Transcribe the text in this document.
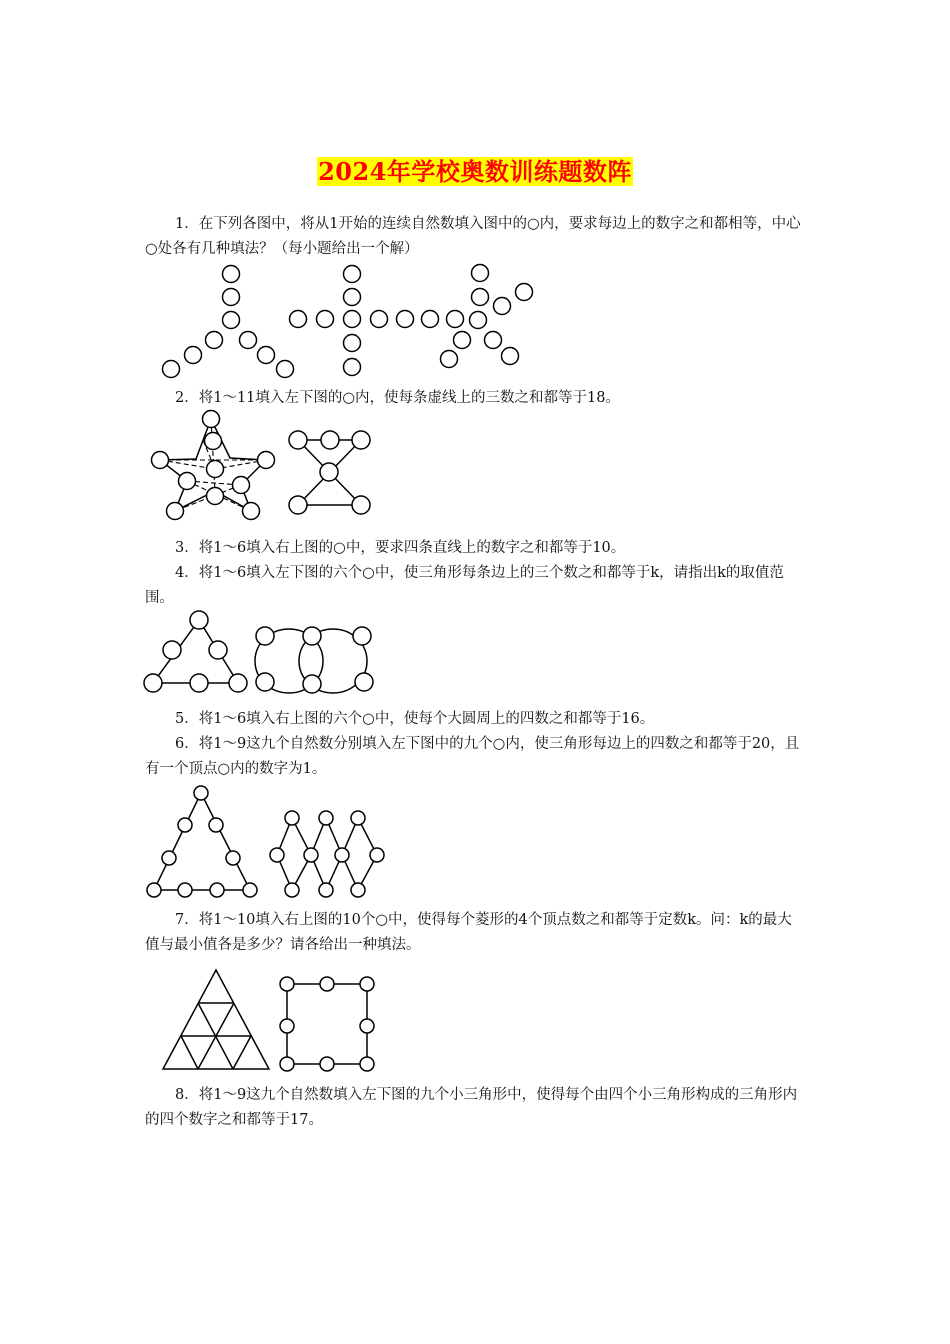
2024年学校奥数训练题数阵

1．在下列各图中，将从1开始的连续自然数填入图中的○内，要求每边上的数字之和都相等，中心○处各有几种填法？（每小题给出一个解）

2．将1～11填入左下图的○内，使每条虚线上的三数之和都等于18。

3．将1～6填入右上图的○中，要求四条直线上的数字之和都等于10。

4．将1～6填入左下图的六个○中，使三角形每条边上的三个数之和都等于k，请指出k的取值范围。

5．将1～6填入右上图的六个○中，使每个大圆周上的四数之和都等于16。

6．将1～9这九个自然数分别填入左下图中的九个○内，使三角形每边上的四数之和都等于20，且有一个顶点○内的数字为1。

7．将1～10填入右上图的10个○中，使得每个菱形的4个顶点数之和都等于定数k。问：k的最大值与最小值各是多少？请各给出一种填法。

8．将1～9这九个自然数填入左下图的九个小三角形中，使得每个由四个小三角形构成的三角形内的四个数字之和都等于17。
